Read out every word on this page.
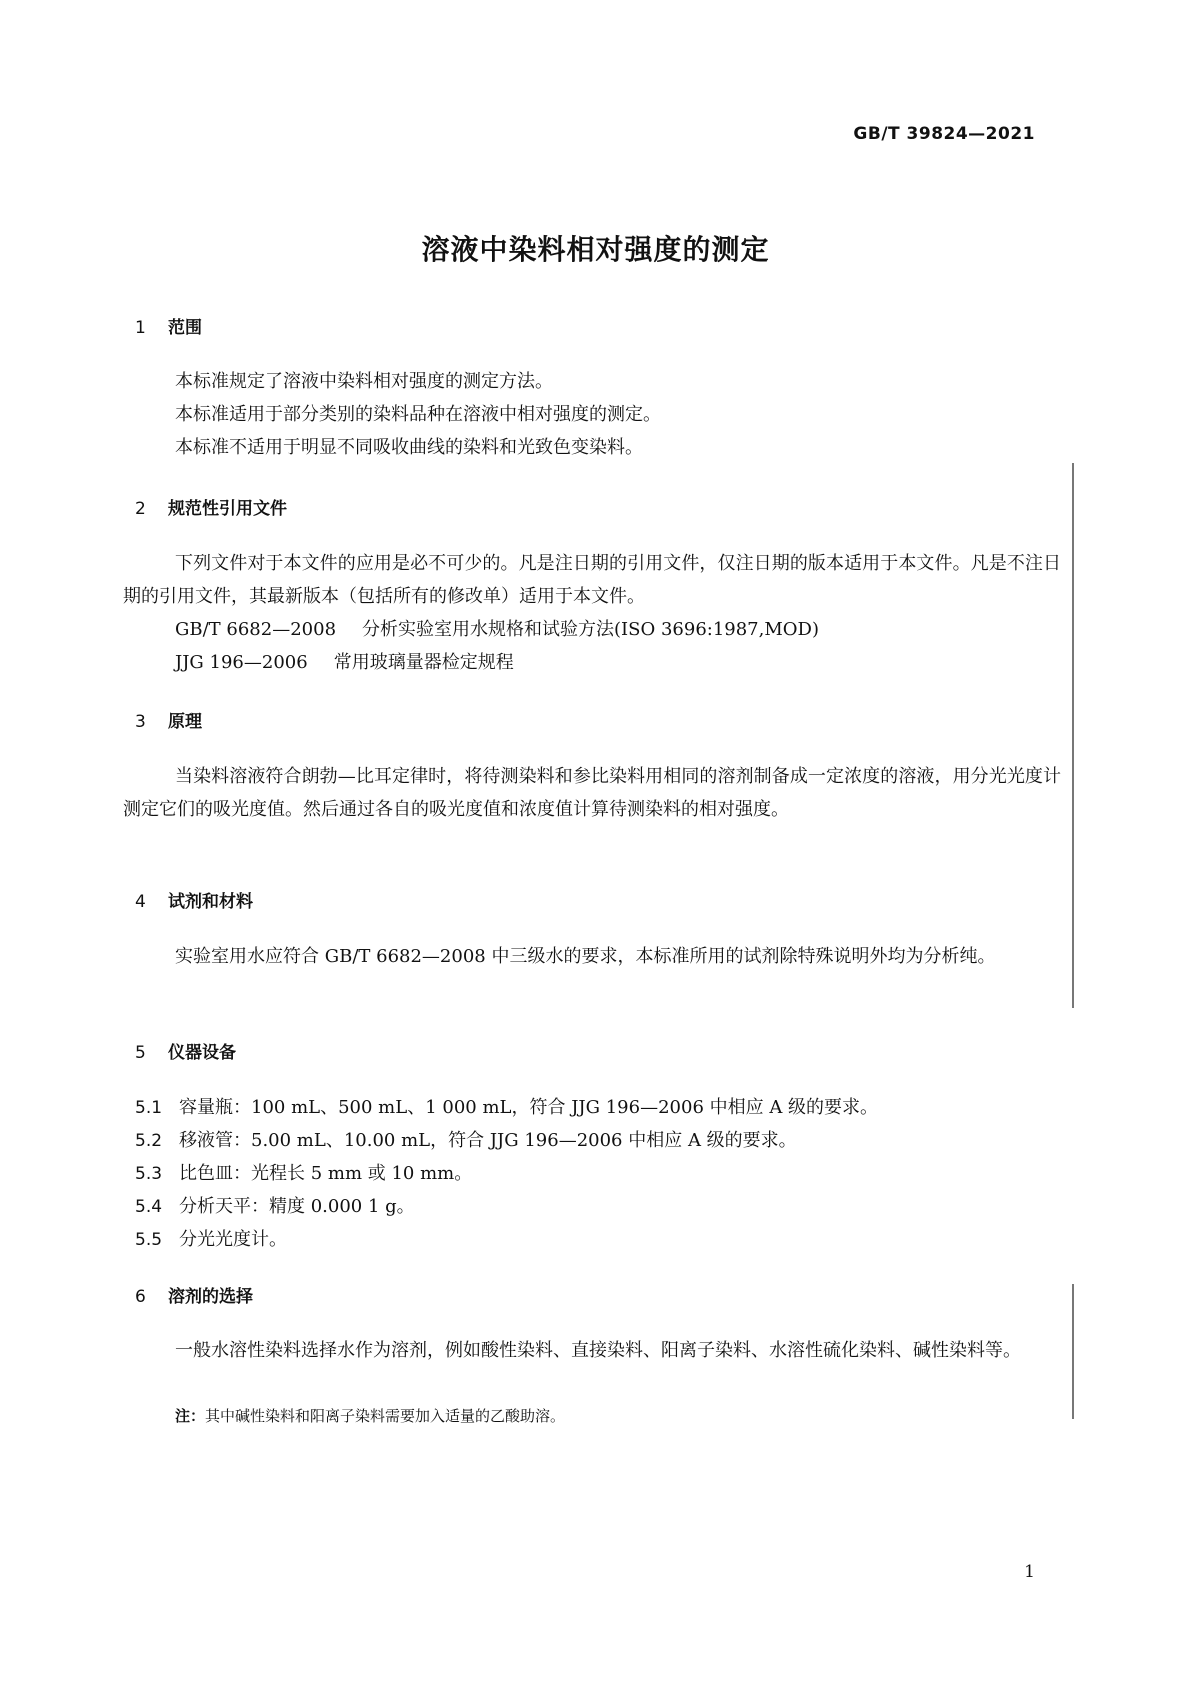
GB/T 39824—2021
溶液中染料相对强度的测定
1 范围

本标准规定了溶液中染料相对强度的测定方法。

本标准适用于部分类别的染料品种在溶液中相对强度的测定。

本标准不适用于明显不同吸收曲线的染料和光致色变染料。

2 规范性引用文件

下列文件对于本文件的应用是必不可少的。凡是注日期的引用文件，仅注日期的版本适用于本文件。凡是不注日期的引用文件，其最新版本（包括所有的修改单）适用于本文件。

GB/T 6682—2008 分析实验室用水规格和试验方法(ISO 3696:1987,MOD)

JJG 196—2006 常用玻璃量器检定规程

3 原理

当染料溶液符合朗勃—比耳定律时，将待测染料和参比染料用相同的溶剂制备成一定浓度的溶液，用分光光度计测定它们的吸光度值。然后通过各自的吸光度值和浓度值计算待测染料的相对强度。

4 试剂和材料

实验室用水应符合 GB/T 6682—2008 中三级水的要求，本标准所用的试剂除特殊说明外均为分析纯。

5 仪器设备

5.1 容量瓶：100 mL、500 mL、1 000 mL，符合 JJG 196—2006 中相应 A 级的要求。

5.2 移液管：5.00 mL、10.00 mL，符合 JJG 196—2006 中相应 A 级的要求。

5.3 比色皿：光程长 5 mm 或 10 mm。

5.4 分析天平：精度 0.000 1 g。

5.5 分光光度计。

6 溶剂的选择

一般水溶性染料选择水作为溶剂，例如酸性染料、直接染料、阳离子染料、水溶性硫化染料、碱性染料等。

注：其中碱性染料和阳离子染料需要加入适量的乙酸助溶。

1
